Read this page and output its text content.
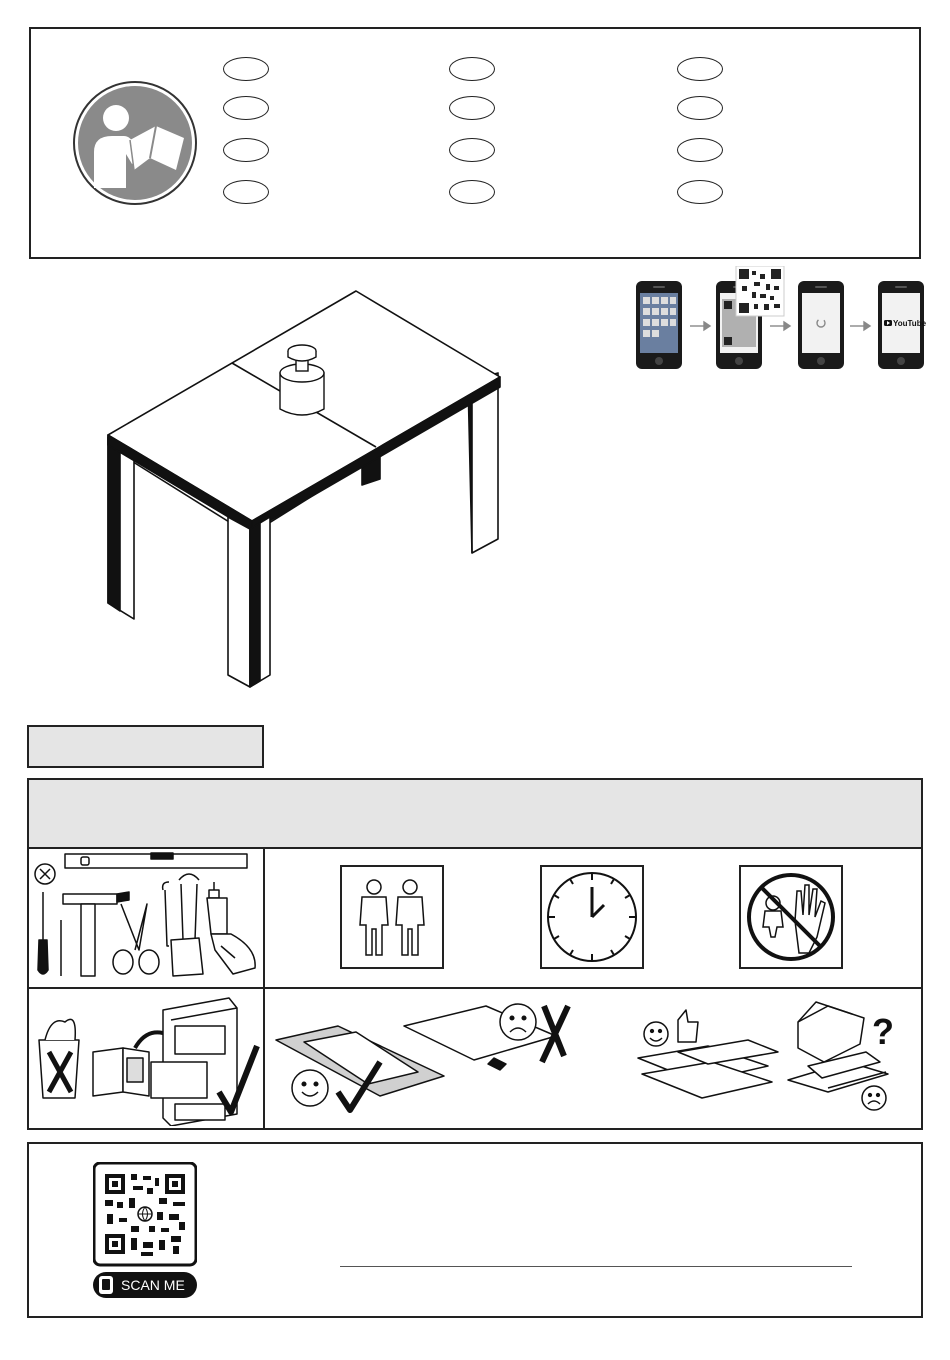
YouTube
?
SCAN ME
